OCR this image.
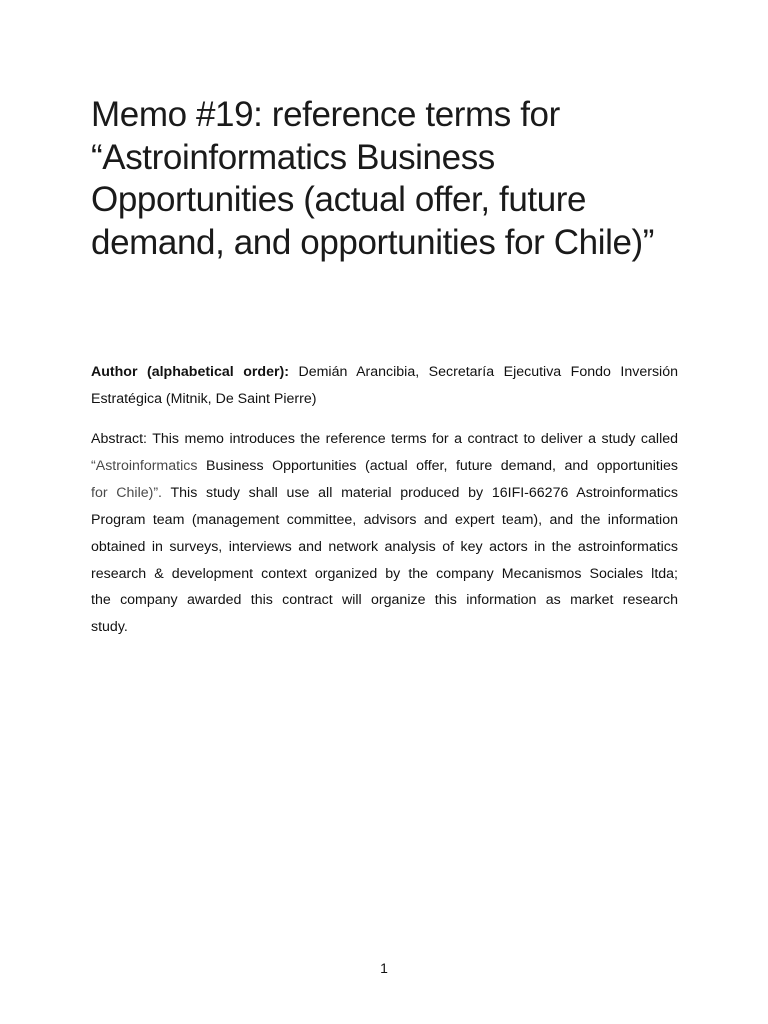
Memo #19: reference terms for
“Astroinformatics Business
Opportunities (actual offer, future
demand, and opportunities for Chile)”

Author (alphabetical order): Demián Arancibia, Secretaría Ejecutiva Fondo Inversión Estratégica (Mitnik, De Saint Pierre)

Abstract: This memo introduces the reference terms for a contract to deliver a study called
“Astroinformatics Business Opportunities (actual offer, future demand, and opportunities
for Chile)”. This study shall use all material produced by 16IFI-66276 Astroinformatics
Program team (management committee, advisors and expert team), and the information
obtained in surveys, interviews and network analysis of key actors in the astroinformatics
research & development context organized by the company Mecanismos Sociales ltda;
the company awarded this contract will organize this information as market research
study.
1
